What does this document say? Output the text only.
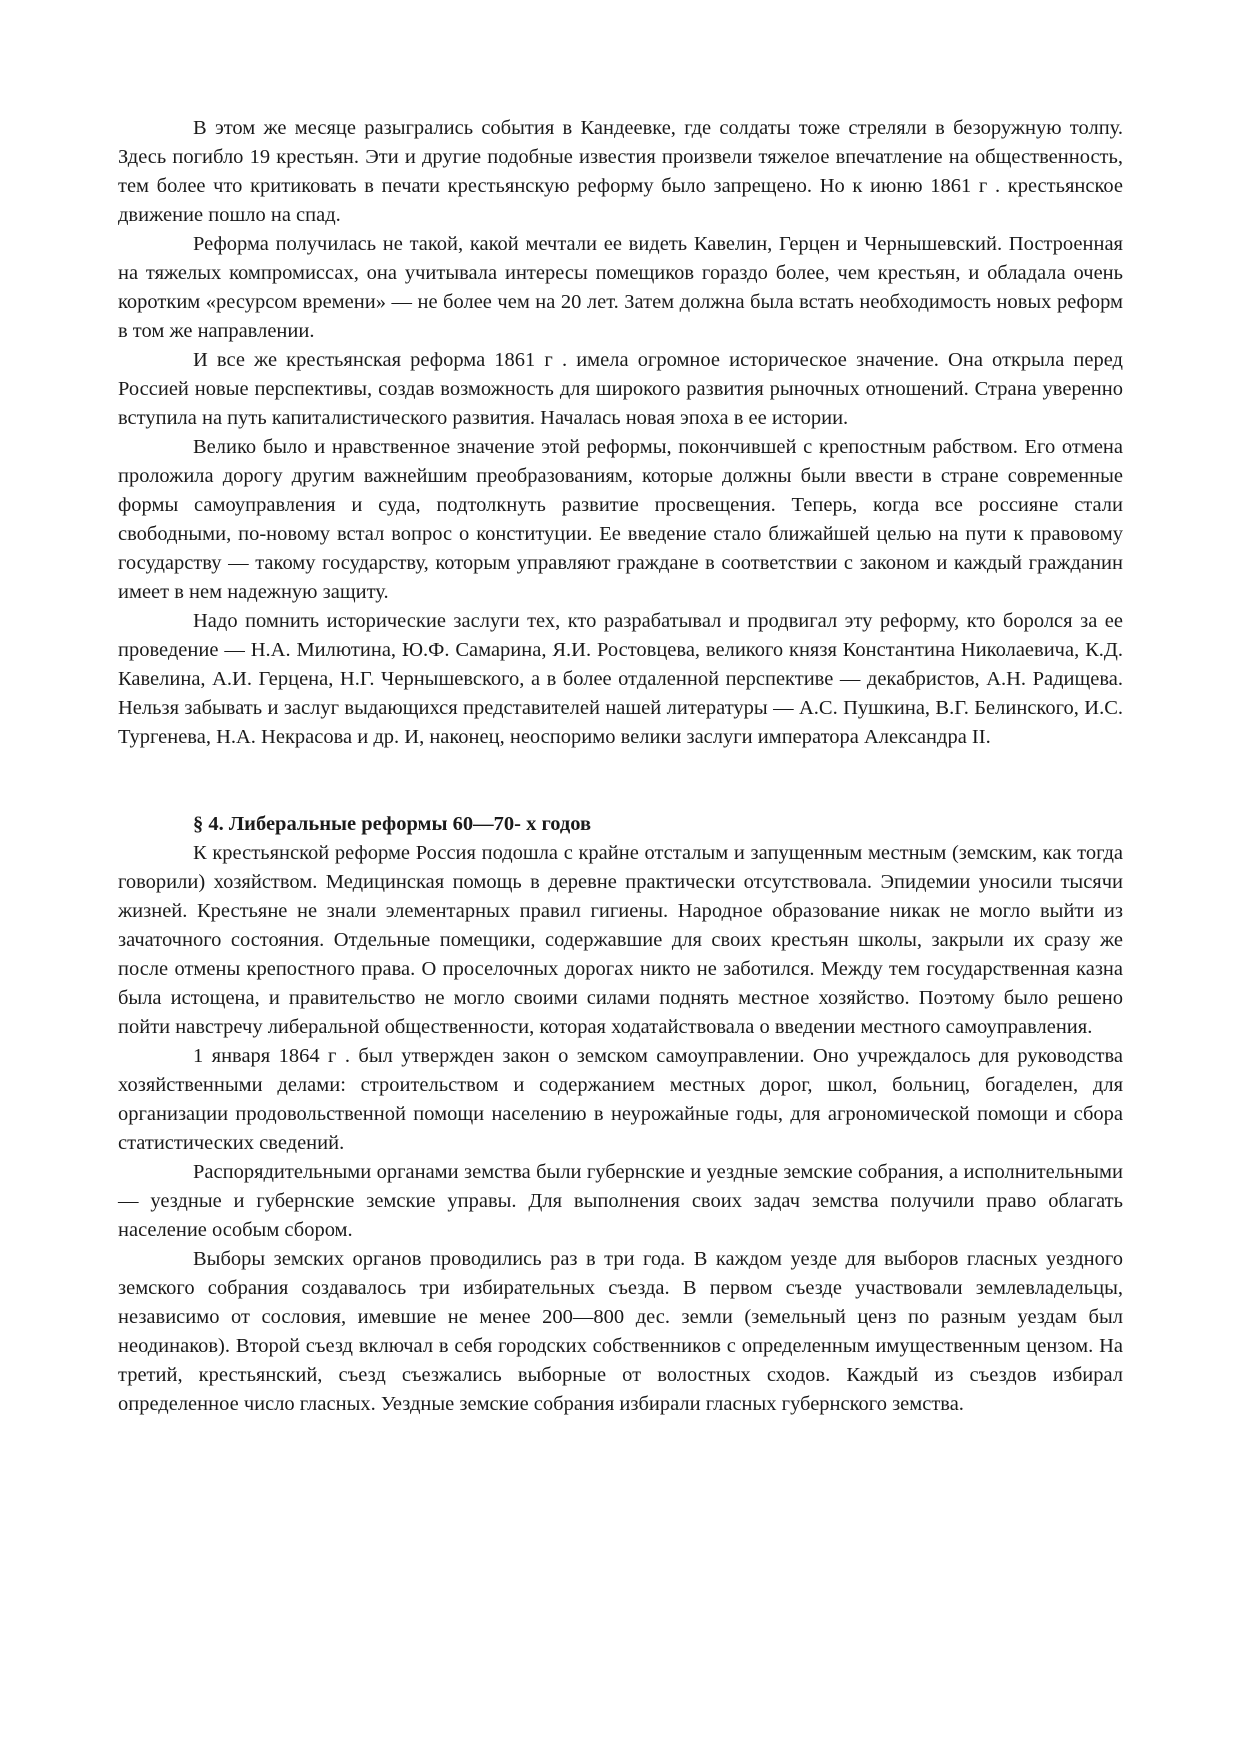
В этом же месяце разыгрались события в Кандеевке, где солдаты тоже стреляли в безоружную толпу. Здесь погибло 19 крестьян. Эти и другие подобные известия произвели тяжелое впечатление на общественность, тем более что критиковать в печати крестьянскую реформу было запрещено. Но к июню 1861 г . крестьянское движение пошло на спад.

Реформа получилась не такой, какой мечтали ее видеть Кавелин, Герцен и Чернышевский. Построенная на тяжелых компромиссах, она учитывала интересы помещиков гораздо более, чем крестьян, и обладала очень коротким «ресурсом времени» — не более чем на 20 лет. Затем должна была встать необходимость новых реформ в том же направлении.

И все же крестьянская реформа 1861 г . имела огромное историческое значение. Она открыла перед Россией новые перспективы, создав возможность для широкого развития рыночных отношений. Страна уверенно вступила на путь капиталистического развития. Началась новая эпоха в ее истории.

Велико было и нравственное значение этой реформы, покончившей с крепостным рабством. Его отмена проложила дорогу другим важнейшим преобразованиям, которые должны были ввести в стране современные формы самоуправления и суда, подтолкнуть развитие просвещения. Теперь, когда все россияне стали свободными, по-новому встал вопрос о конституции. Ее введение стало ближайшей целью на пути к правовому государству — такому государству, которым управляют граждане в соответствии с законом и каждый гражданин имеет в нем надежную защиту.

Надо помнить исторические заслуги тех, кто разрабатывал и продвигал эту реформу, кто боролся за ее проведение — Н.А. Милютина, Ю.Ф. Самарина, Я.И. Ростовцева, великого князя Константина Николаевича, К.Д. Кавелина, А.И. Герцена, Н.Г. Чернышевского, а в более отдаленной перспективе — декабристов, А.Н. Радищева. Нельзя забывать и заслуг выдающихся представителей нашей литературы — А.С. Пушкина, В.Г. Белинского, И.С. Тургенева, Н.А. Некрасова и др. И, наконец, неоспоримо велики заслуги императора Александра II.

§ 4. Либеральные реформы 60—70- х годов

К крестьянской реформе Россия подошла с крайне отсталым и запущенным местным (земским, как тогда говорили) хозяйством. Медицинская помощь в деревне практически отсутствовала. Эпидемии уносили тысячи жизней. Крестьяне не знали элементарных правил гигиены. Народное образование никак не могло выйти из зачаточного состояния. Отдельные помещики, содержавшие для своих крестьян школы, закрыли их сразу же после отмены крепостного права. О проселочных дорогах никто не заботился. Между тем государственная казна была истощена, и правительство не могло своими силами поднять местное хозяйство. Поэтому было решено пойти навстречу либеральной общественности, которая ходатайствовала о введении местного самоуправления.

1 января 1864 г . был утвержден закон о земском самоуправлении. Оно учреждалось для руководства хозяйственными делами: строительством и содержанием местных дорог, школ, больниц, богаделен, для организации продовольственной помощи населению в неурожайные годы, для агрономической помощи и сбора статистических сведений.

Распорядительными органами земства были губернские и уездные земские собрания, а исполнительными — уездные и губернские земские управы. Для выполнения своих задач земства получили право облагать население особым сбором.

Выборы земских органов проводились раз в три года. В каждом уезде для выборов гласных уездного земского собрания создавалось три избирательных съезда. В первом съезде участвовали землевладельцы, независимо от сословия, имевшие не менее 200—800 дес. земли (земельный ценз по разным уездам был неодинаков). Второй съезд включал в себя городских собственников с определенным имущественным цензом. На третий, крестьянский, съезд съезжались выборные от волостных сходов. Каждый из съездов избирал определенное число гласных. Уездные земские собрания избирали гласных губернского земства.
